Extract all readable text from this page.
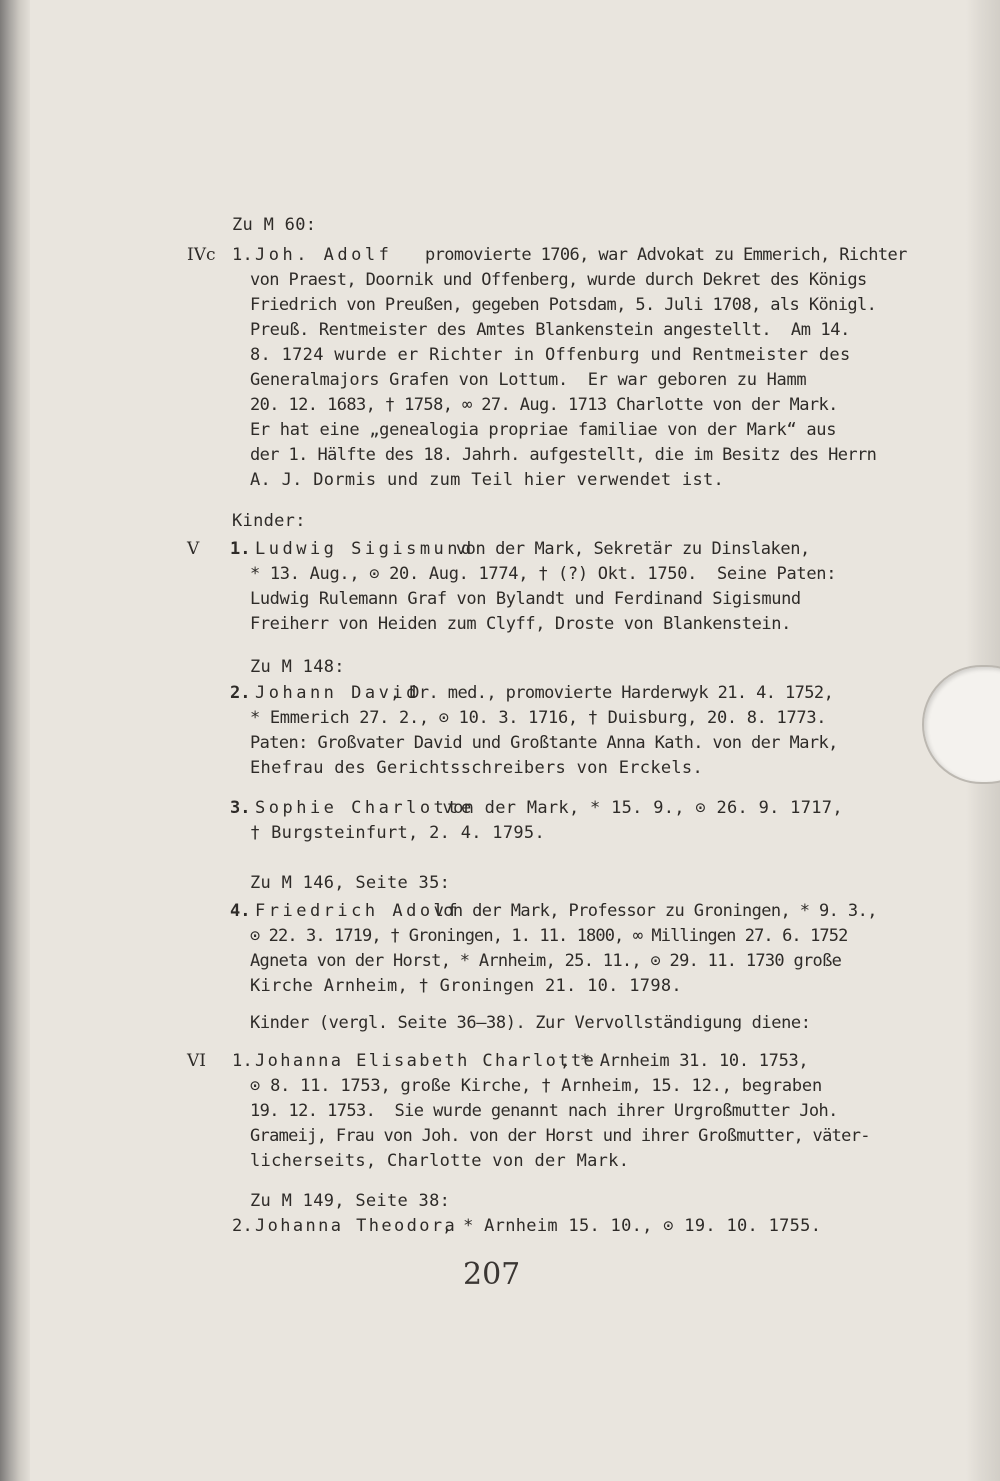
Zu M 60:
IVc 1. Joh. Adolf promovierte 1706, war Advokat zu Emmerich, Richter
von Praest, Doornik und Offenberg, wurde durch Dekret des Königs
Friedrich von Preußen, gegeben Potsdam, 5. Juli 1708, als Königl.
Preuß. Rentmeister des Amtes Blankenstein angestellt.  Am 14.
8. 1724 wurde er Richter in Offenburg und Rentmeister des
Generalmajors Grafen von Lottum.  Er war geboren zu Hamm
20. 12. 1683, † 1758, ∞ 27. Aug. 1713 Charlotte von der Mark.
Er hat eine „genealogia propriae familiae von der Mark“ aus
der 1. Hälfte des 18. Jahrh. aufgestellt, die im Besitz des Herrn
A. J. Dormis und zum Teil hier verwendet ist.
Kinder:
V 1. Ludwig Sigismund
von der Mark, Sekretär zu Dinslaken,
* 13. Aug., ⊙ 20. Aug. 1774, † (?) Okt. 1750.  Seine Paten:
Ludwig Rulemann Graf von Bylandt und Ferdinand Sigismund
Freiherr von Heiden zum Clyff, Droste von Blankenstein.
Zu M 148:
2. Johann David
, Dr. med., promovierte Harderwyk 21. 4. 1752,
* Emmerich 27. 2., ⊙ 10. 3. 1716, † Duisburg, 20. 8. 1773.
Paten: Großvater David und Großtante Anna Kath. von der Mark,
Ehefrau des Gerichtsschreibers von Erckels.
3. Sophie Charlotte
von der Mark, * 15. 9., ⊙ 26. 9. 1717,
† Burgsteinfurt, 2. 4. 1795.
Zu M 146, Seite 35:
4. Friedrich Adolf
von der Mark, Professor zu Groningen, * 9. 3.,
⊙ 22. 3. 1719, † Groningen, 1. 11. 1800, ∞ Millingen 27. 6. 1752
Agneta von der Horst, * Arnheim, 25. 11., ⊙ 29. 11. 1730 große
Kirche Arnheim, † Groningen 21. 10. 1798.
Kinder (vergl. Seite 36—38). Zur Vervollständigung diene:
VI 1. Johanna Elisabeth Charlotte
, * Arnheim 31. 10. 1753,
⊙ 8. 11. 1753, große Kirche, † Arnheim, 15. 12., begraben
19. 12. 1753.  Sie wurde genannt nach ihrer Urgroßmutter Joh.
Grameij, Frau von Joh. von der Horst und ihrer Großmutter, väter-
licherseits, Charlotte von der Mark.
Zu M 149, Seite 38:
2. Johanna Theodora
, * Arnheim 15. 10., ⊙ 19. 10. 1755.
207
